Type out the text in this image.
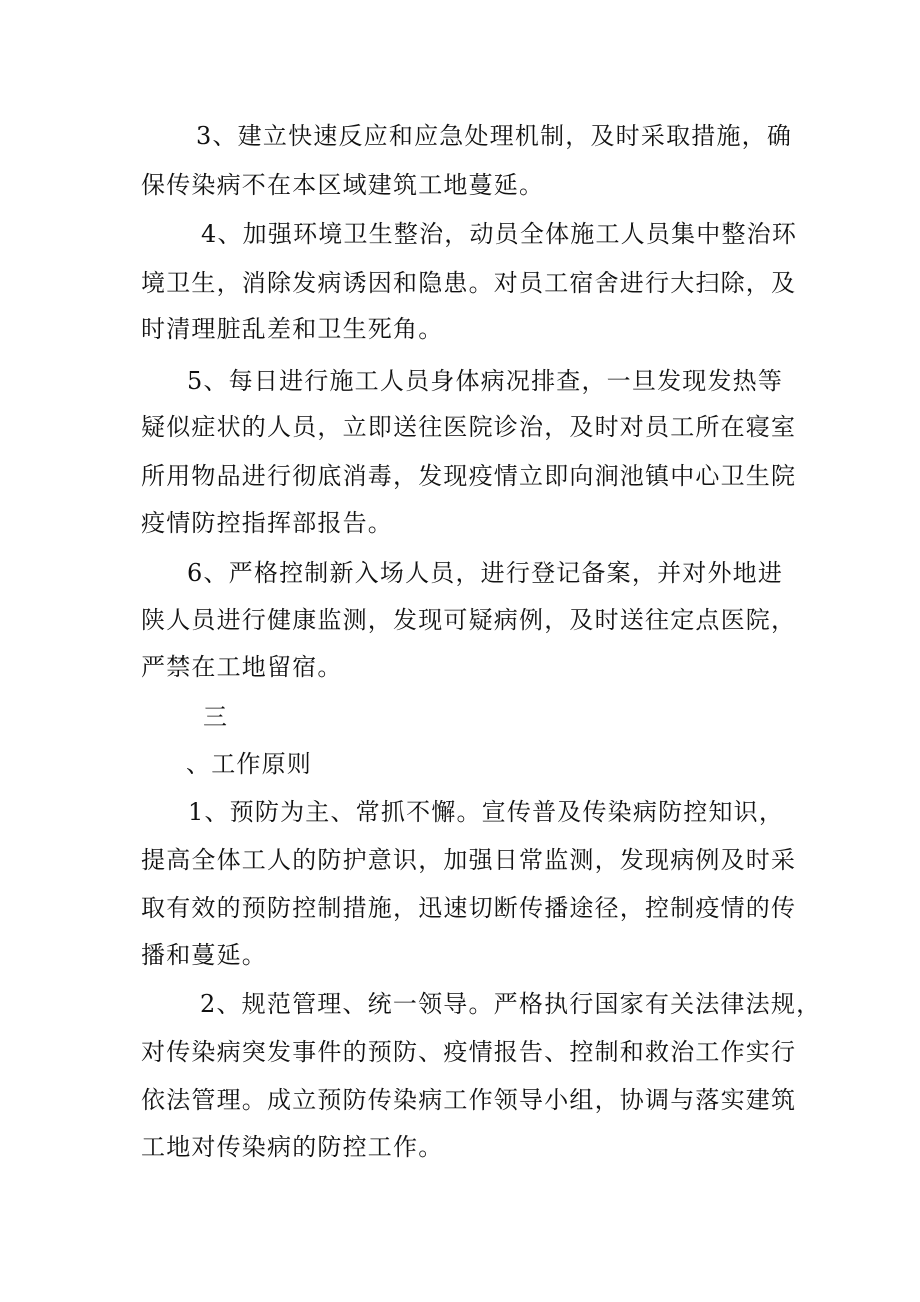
3、建立快速反应和应急处理机制，及时采取措施，确
保传染病不在本区域建筑工地蔓延。
4、加强环境卫生整治，动员全体施工人员集中整治环
境卫生，消除发病诱因和隐患。对员工宿舍进行大扫除，及
时清理脏乱差和卫生死角。
5、每日进行施工人员身体病况排查，一旦发现发热等
疑似症状的人员，立即送往医院诊治，及时对员工所在寝室
所用物品进行彻底消毒，发现疫情立即向涧池镇中心卫生院
疫情防控指挥部报告。
6、严格控制新入场人员，进行登记备案，并对外地进
陕人员进行健康监测，发现可疑病例，及时送往定点医院，
严禁在工地留宿。
三
、工作原则
1、预防为主、常抓不懈。宣传普及传染病防控知识，
提高全体工人的防护意识，加强日常监测，发现病例及时采
取有效的预防控制措施，迅速切断传播途径，控制疫情的传
播和蔓延。
2、规范管理、统一领导。严格执行国家有关法律法规，
对传染病突发事件的预防、疫情报告、控制和救治工作实行
依法管理。成立预防传染病工作领导小组，协调与落实建筑
工地对传染病的防控工作。
